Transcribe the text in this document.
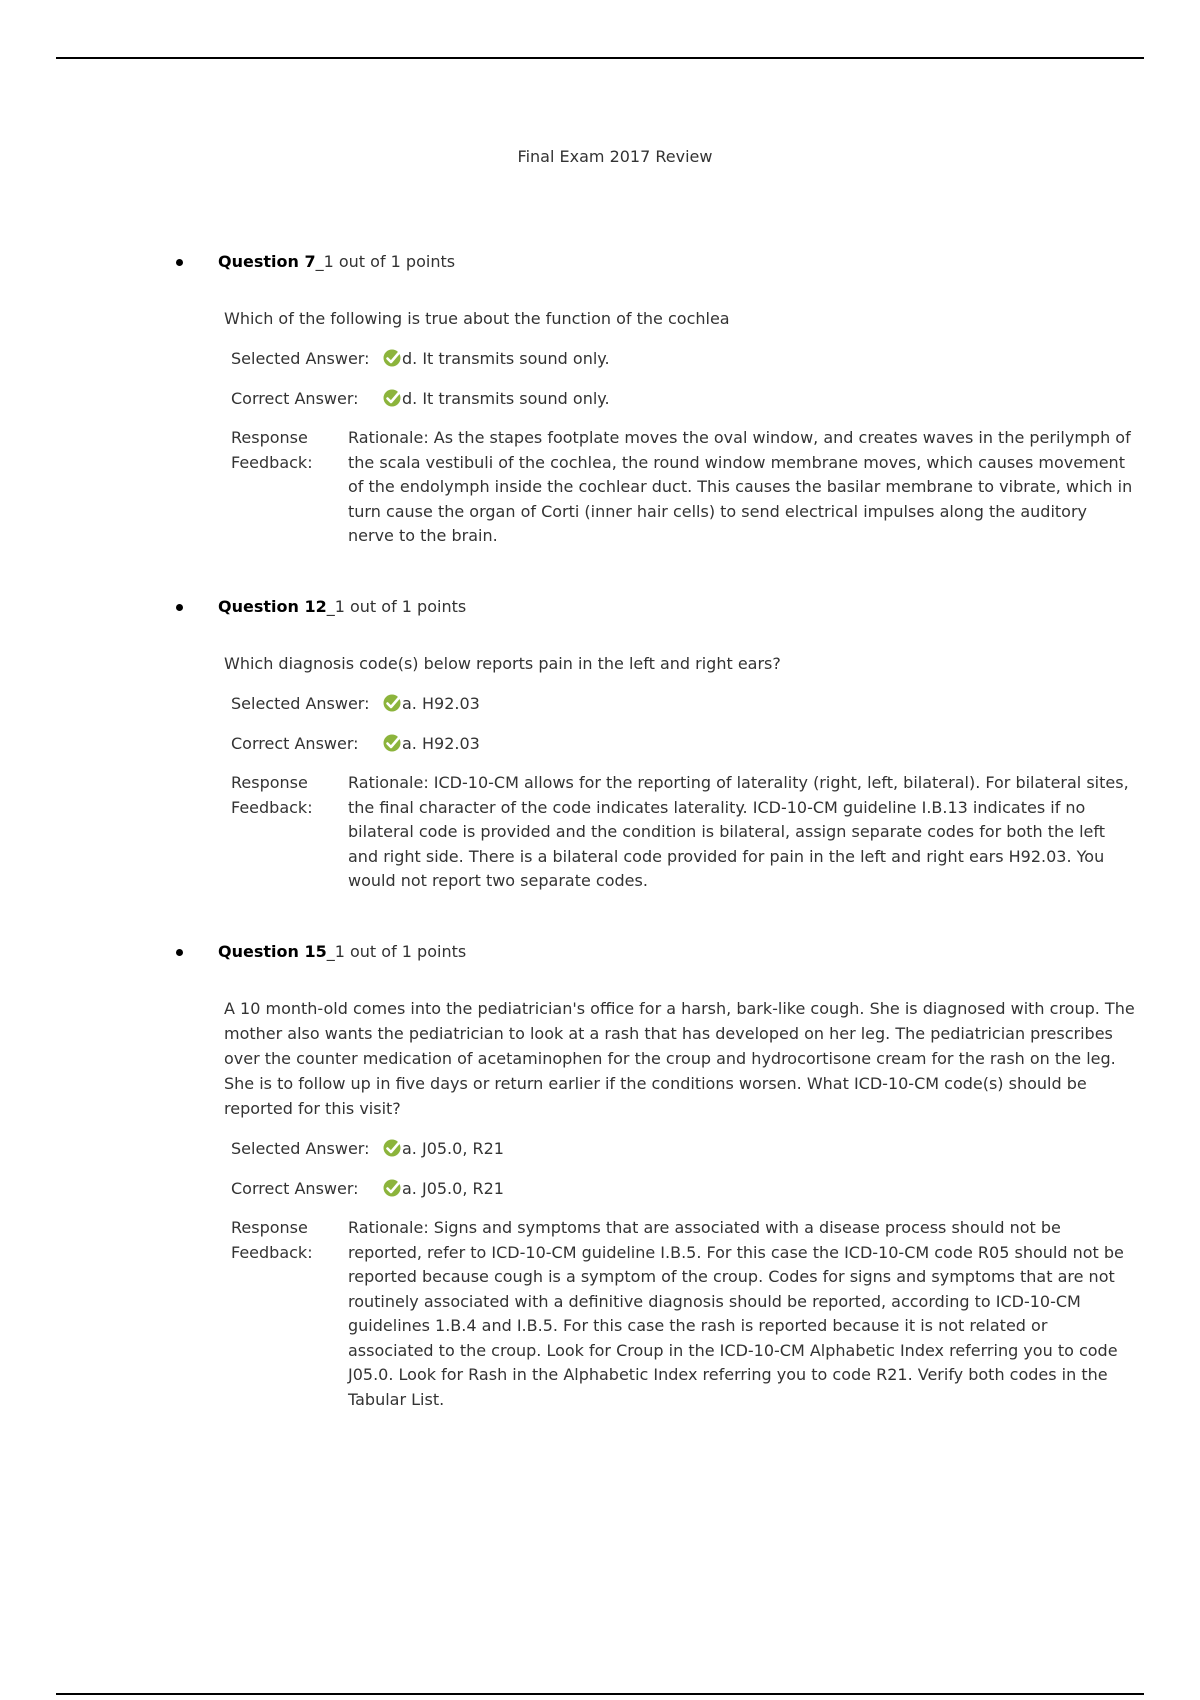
Final Exam 2017 Review
Question 7_1 out of 1 points
Which of the following is true about the function of the cochlea
Selected Answer: d. It transmits sound only.
Correct Answer:	d. It transmits sound only.
Response Feedback:
Rationale: As the stapes footplate moves the oval window, and creates waves in the perilymph of the scala vestibuli of the cochlea, the round window membrane moves, which causes movement of the endolymph inside the cochlear duct. This causes the basilar membrane to vibrate, which in turn cause the organ of Corti (inner hair cells) to send electrical impulses along the auditory nerve to the brain.
Question 12_1 out of 1 points
Which diagnosis code(s) below reports pain in the left and right ears?
Selected Answer: a. H92.03
Correct Answer:	a. H92.03
Response Feedback:
Rationale: ICD-10-CM allows for the reporting of laterality (right, left, bilateral). For bilateral sites, the final character of the code indicates laterality. ICD-10-CM guideline I.B.13 indicates if no bilateral code is provided and the condition is bilateral, assign separate codes for both the left and right side. There is a bilateral code provided for pain in the left and right ears H92.03. You would not report two separate codes.
Question 15_1 out of 1 points
A 10 month-old comes into the pediatrician's office for a harsh, bark-like cough. She is diagnosed with croup. The mother also wants the pediatrician to look at a rash that has developed on her leg. The pediatrician prescribes over the counter medication of acetaminophen for the croup and hydrocortisone cream for the rash on the leg. She is to follow up in five days or return earlier if the conditions worsen. What ICD-10-CM code(s) should be reported for this visit?
Selected Answer: a. J05.0, R21
Correct Answer:	a. J05.0, R21
Response Feedback:
Rationale: Signs and symptoms that are associated with a disease process should not be reported, refer to ICD-10-CM guideline I.B.5. For this case the ICD-10-CM code R05 should not be reported because cough is a symptom of the croup. Codes for signs and symptoms that are not routinely associated with a definitive diagnosis should be reported, according to ICD-10-CM guidelines 1.B.4 and I.B.5. For this case the rash is reported because it is not related or associated to the croup. Look for Croup in the ICD-10-CM Alphabetic Index referring you to code J05.0. Look for Rash in the Alphabetic Index referring you to code R21. Verify both codes in the Tabular List.
